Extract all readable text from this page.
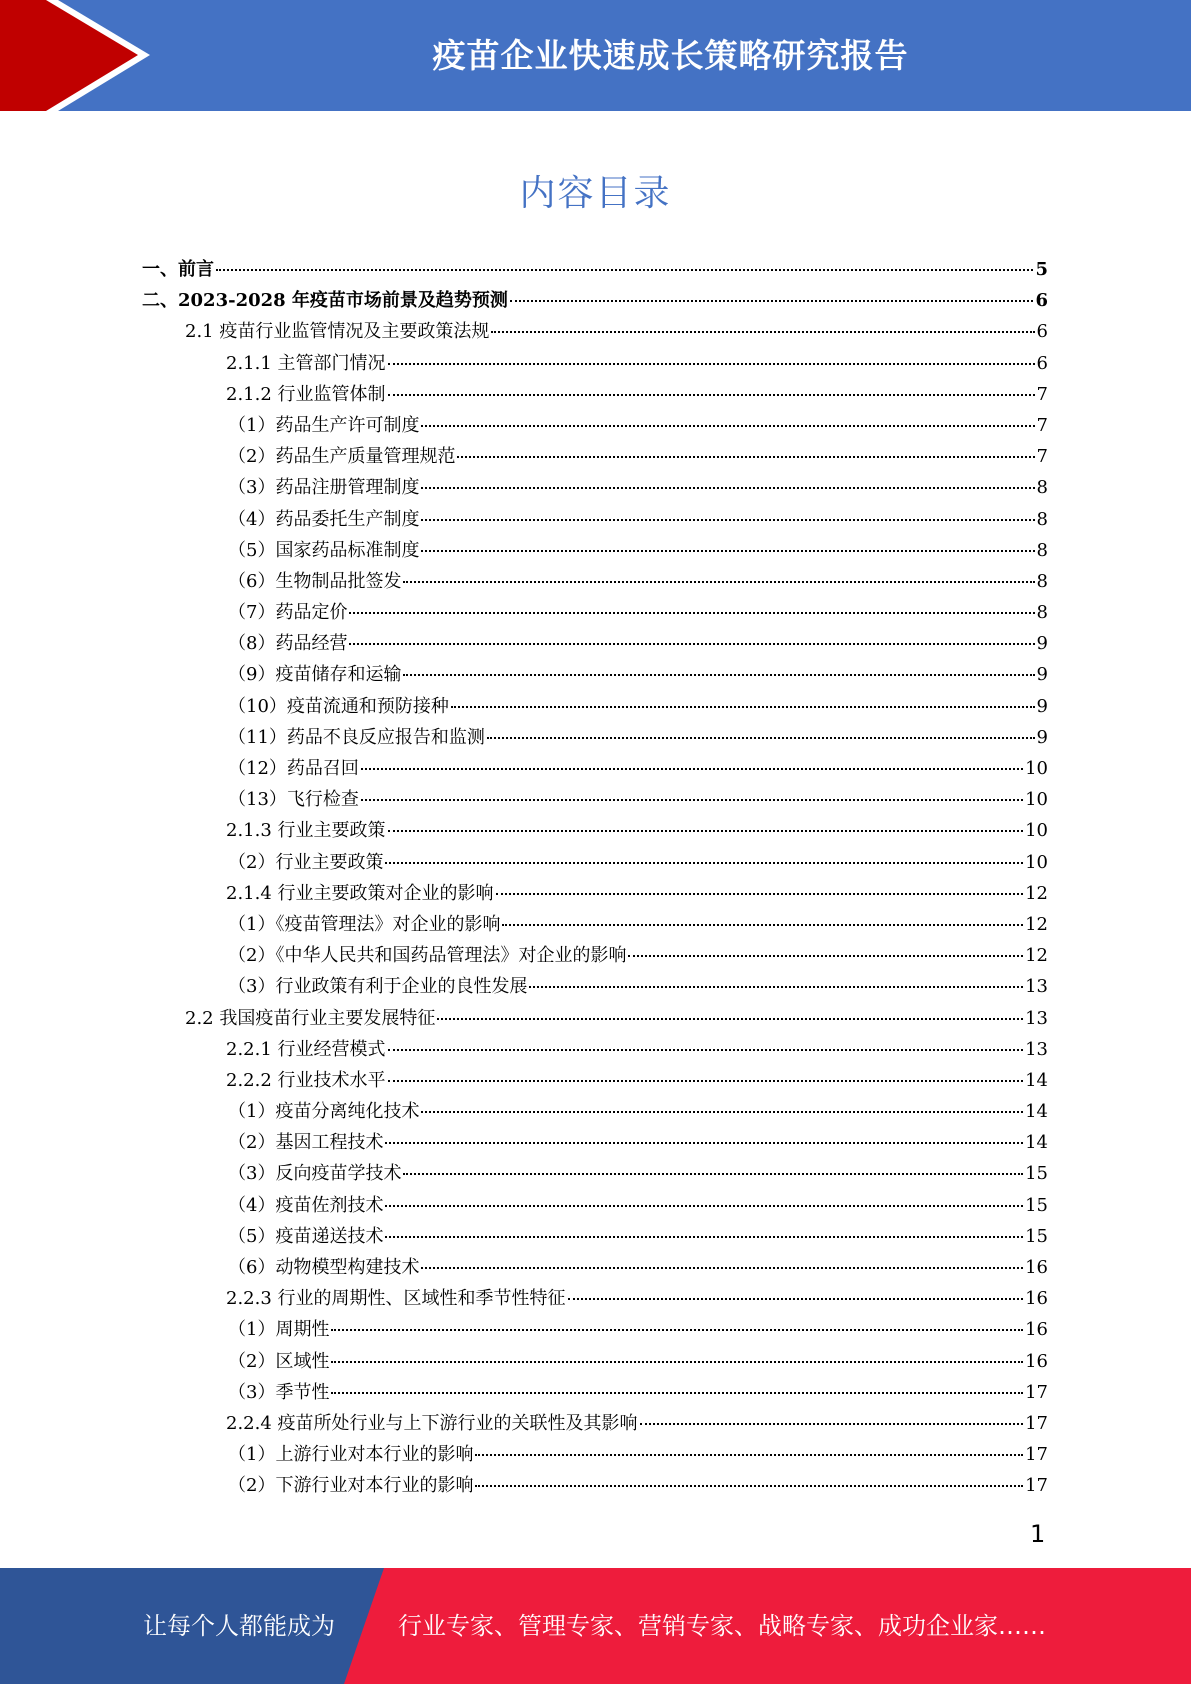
疫苗企业快速成长策略研究报告
内容目录
一、前言	5
二、2023-2028 年疫苗市场前景及趋势预测	6
2.1 疫苗行业监管情况及主要政策法规	6
2.1.1 主管部门情况	6
2.1.2 行业监管体制	7
（1）药品生产许可制度	7
（2）药品生产质量管理规范	7
（3）药品注册管理制度	8
（4）药品委托生产制度	8
（5）国家药品标准制度	8
（6）生物制品批签发	8
（7）药品定价	8
（8）药品经营	9
（9）疫苗储存和运输	9
（10）疫苗流通和预防接种	9
（11）药品不良反应报告和监测	9
（12）药品召回	10
（13）飞行检查	10
2.1.3 行业主要政策	10
（2）行业主要政策	10
2.1.4 行业主要政策对企业的影响	12
（1）《疫苗管理法》对企业的影响	12
（2）《中华人民共和国药品管理法》对企业的影响	12
（3）行业政策有利于企业的良性发展	13
2.2 我国疫苗行业主要发展特征	13
2.2.1 行业经营模式	13
2.2.2 行业技术水平	14
（1）疫苗分离纯化技术	14
（2）基因工程技术	14
（3）反向疫苗学技术	15
（4）疫苗佐剂技术	15
（5）疫苗递送技术	15
（6）动物模型构建技术	16
2.2.3 行业的周期性、区域性和季节性特征	16
（1）周期性	16
（2）区域性	16
（3）季节性	17
2.2.4 疫苗所处行业与上下游行业的关联性及其影响	17
（1）上游行业对本行业的影响	17
（2）下游行业对本行业的影响	17
1
让每个人都能成为	行业专家、管理专家、营销专家、战略专家、成功企业家……
